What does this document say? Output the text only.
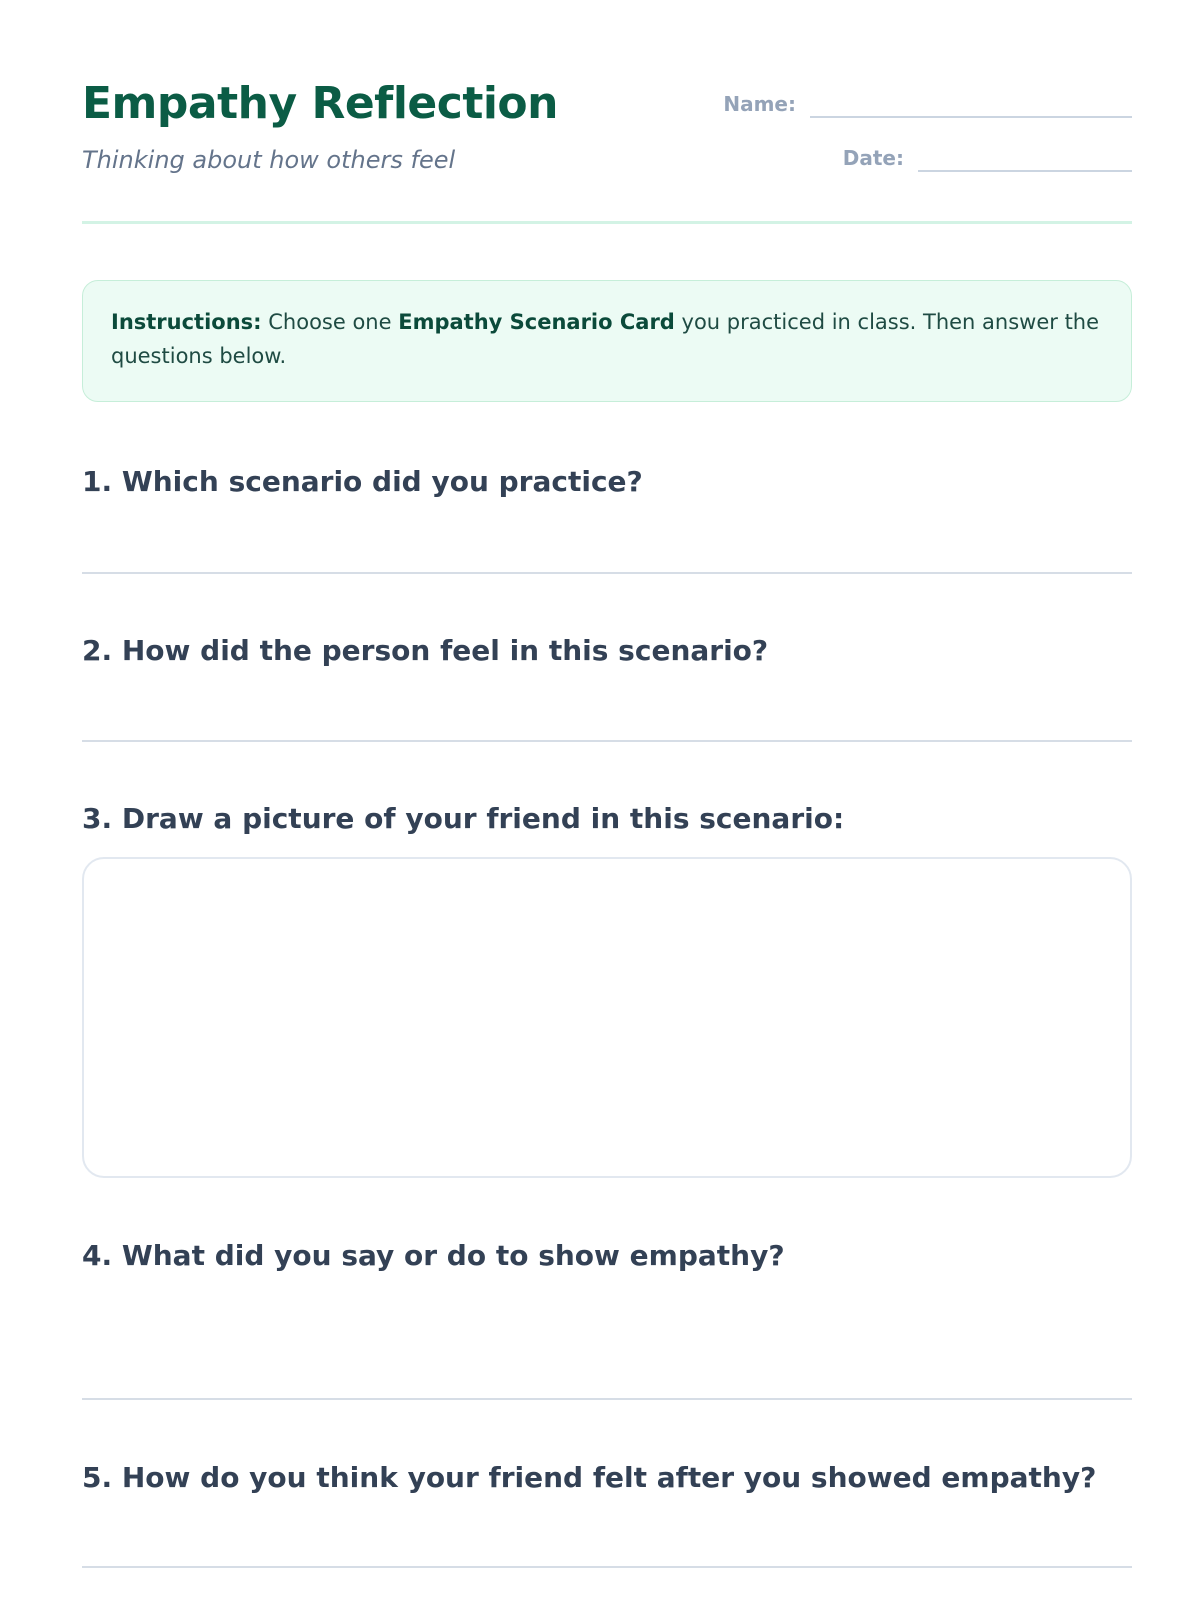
Empathy Reflection

Thinking about how others feel

Name:
Date:
Instructions: Choose one Empathy Scenario Card you practiced in class. Then answer the questions below.

1. Which scenario did you practice?

2. How did the person feel in this scenario?

3. Draw a picture of your friend in this scenario:

4. What did you say or do to show empathy?

5. How do you think your friend felt after you showed empathy?
